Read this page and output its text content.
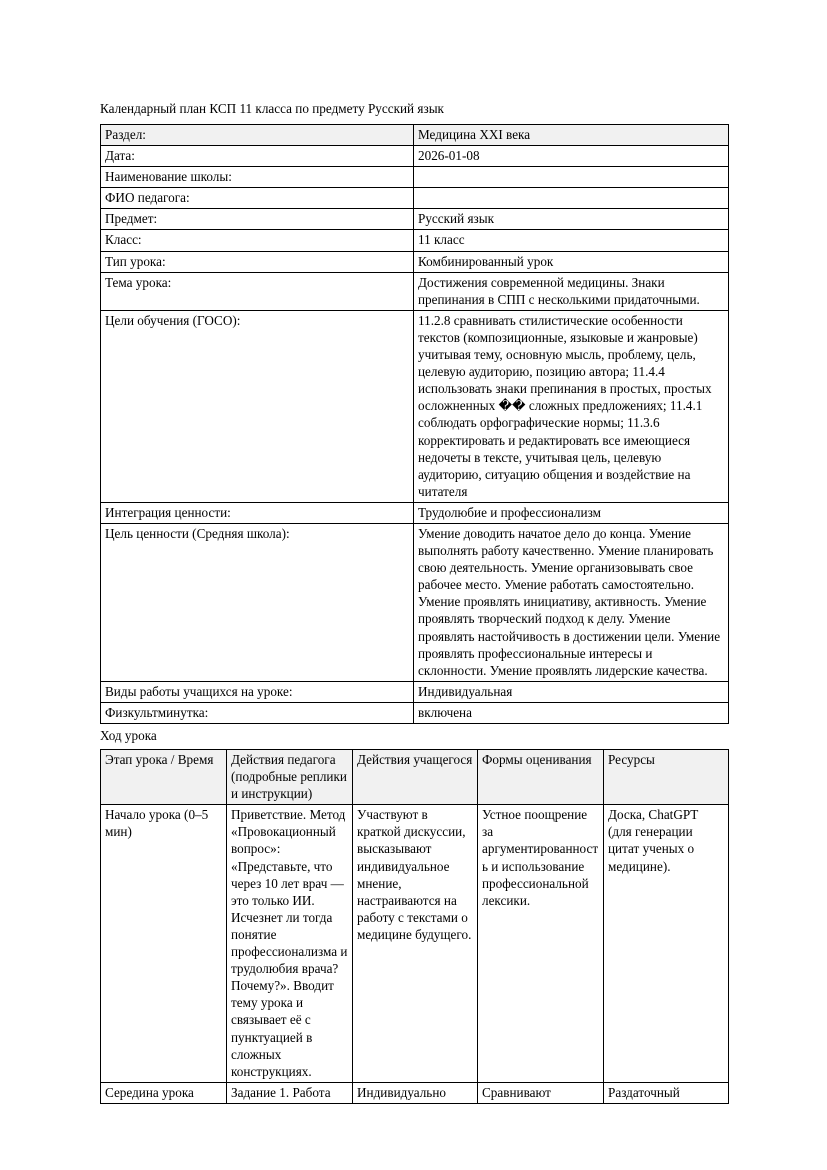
Календарный план КСП 11 класса по предмету Русский язык
Раздел:	Медицина XXI века
Дата:	2026-01-08
Наименование школы:	
ФИО педагога:	
Предмет:	Русский язык
Класс:	11 класс
Тип урока:	Комбинированный урок
Тема урока:	Достижения современной медицины. Знаки препинания в СПП с несколькими придаточными.
Цели обучения (ГОСО):	11.2.8 сравнивать стилистические особенности текстов (композиционные, языковые и жанровые) учитывая тему, основную мысль, проблему, цель, целевую аудиторию, позицию автора; 11.4.4 использовать знаки препинания в простых, простых осложненных �� сложных предложениях; 11.4.1 соблюдать орфографические нормы; 11.3.6 корректировать и редактировать все имеющиеся недочеты в тексте, учитывая цель, целевую аудиторию, ситуацию общения и воздействие на читателя
Интеграция ценности:	Трудолюбие и профессионализм
Цель ценности (Средняя школа):	Умение доводить начатое дело до конца. Умение выполнять работу качественно. Умение планировать свою деятельность. Умение организовывать свое рабочее место. Умение работать самостоятельно. Умение проявлять инициативу, активность. Умение проявлять творческий подход к делу. Умение проявлять настойчивость в достижении цели. Умение проявлять профессиональные интересы и склонности. Умение проявлять лидерские качества.
Виды работы учащихся на уроке:	Индивидуальная
Физкультминутка:	включена
Ход урока
Этап урока / Время	Действия педагога (подробные реплики и инструкции)	Действия учащегося	Формы оценивания	Ресурсы
Начало урока (0–5 мин)	Приветствие. Метод «Провокационный вопрос»: «Представьте, что через 10 лет врач — это только ИИ. Исчезнет ли тогда понятие профессионализма и трудолюбия врача? Почему?». Вводит тему урока и связывает её с пунктуацией в сложных конструкциях.	Участвуют в краткой дискуссии, высказывают индивидуальное мнение, настраиваются на работу с текстами о медицине будущего.	Устное поощрение за аргументированность и использование профессиональной лексики.	Доска, ChatGPT (для генерации цитат ученых о медицине).
Середина урока	Задание 1. Работа	Индивидуально	Сравнивают	Раздаточный
